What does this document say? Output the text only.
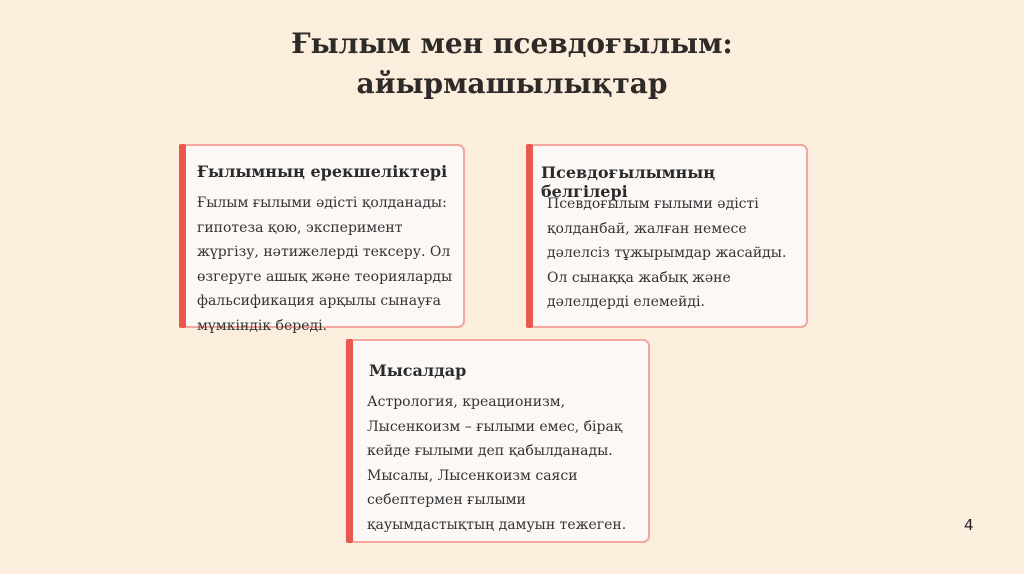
Ғылым мен псевдоғылым:
айырмашылықтар
Ғылымның ерекшеліктері

Ғылым ғылыми әдісті қолданады: гипотеза қою, эксперимент жүргізу, нәтижелерді тексеру. Ол өзгеруге ашық және теорияларды фальсификация арқылы сынауға мүмкіндік береді.

Псевдоғылымның белгілері

Псевдоғылым ғылыми әдісті қолданбай, жалған немесе дәлелсіз тұжырымдар жасайды. Ол сынаққа жабық және дәлелдерді елемейді.

Мысалдар

Астрология, креационизм, Лысенкоизм – ғылыми емес, бірақ кейде ғылыми деп қабылданады. Мысалы, Лысенкоизм саяси себептермен ғылыми қауымдастықтың дамуын тежеген.	4
